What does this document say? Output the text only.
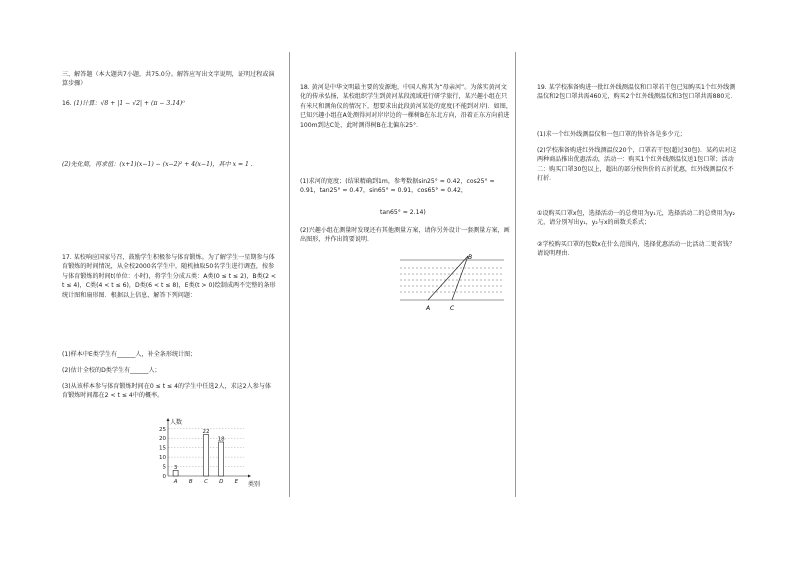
三、解答题（本大题共7小题，共75.0分。解答应写出文字说明，证明过程或演算步骤）

16. (1)计算：√8 + |1 − √2| + (π − 3.14)⁰

(2)先化简，再求值：(x+1)(x−1) − (x−2)² + 4(x−1)，其中 x = 1 .

17. 某校响应国家号召，鼓励学生积极参与体育锻炼。为了解学生一星期参与体育锻炼的时间情况，从全校2000名学生中，随机抽取50名学生进行调查，按参与体育锻炼的时间t(单位：小时)，将学生分成五类：A类(0 ≤ t ≤ 2)，B类(2 < t ≤ 4)，C类(4 < t ≤ 6)，D类(6 < t ≤ 8)，E类(t > 0)绘制成两不完整的条形统计图和扇形图．根据以上信息，解答下列问题：

(1)样本中E类学生有______人，补全条形统计图；

(2)估计全校的D类学生有______人；

(3)从该样本参与体育锻炼时间在0 ≤ t ≤ 4的学生中任选2人，求这2人参与体育锻炼时间都在2 < t ≤ 4中的概率。

0
5
10
15
20
25
3
A B
22
C
18
D E
人数
类别

18. 黄河是中华文明最主要的发源地，中国人称其为“母亲河”。为落实黄河文化的传承弘扬，某校组织学生到黄河某段流域进行研学旅行，某兴趣小组在只有米尺和测角仪的情况下，想要求出此段黄河某处的宽度(不能到对岸)．如图，已知兴趣小组在A处测得河对岸岸边的一棵树B在东北方向，沿着正东方向前进100m到达C处，此时测得树B在北偏东25°．

(1)求河的宽度；(结果精确到1m，参考数据sin25° ≈ 0.42，cos25° ≈ 0.91，tan25° ≈ 0.47，sin65° ≈ 0.91，cos65° ≈ 0.42，

tan65° ≈ 2.14)

(2)兴趣小组在测量时发现还有其他测量方案，请你另外设计一套测量方案，画出图形，并作出简要说明．

B
A	C

19. 某学校准备购进一批红外线测温仪和口罩若干包已知购买1个红外线测温仪和2包口罩共需460元，购买2个红外线测温仪和3包口罩共需880元．

(1)求一个红外线测温仪和一包口罩的售价各是多少元；

(2)学校准备购进红外线测温仪20个，口罩若干包(超过30包)．某药店对这两种商品推出优惠活动，活动一：购买1个红外线测温仪送1包口罩；活动二：购买口罩30包以上，超出的部分按售价的五折优惠，红外线测温仪不打折．

①设购买口罩x包，选择活动一的总费用为y₁元，选择活动二的总费用为y₂元，请分别写出y₁，y₂与x的函数关系式；

②学校购买口罩的包数x在什么范围内，选择优惠活动一比活动二更省钱？请说明理由．
